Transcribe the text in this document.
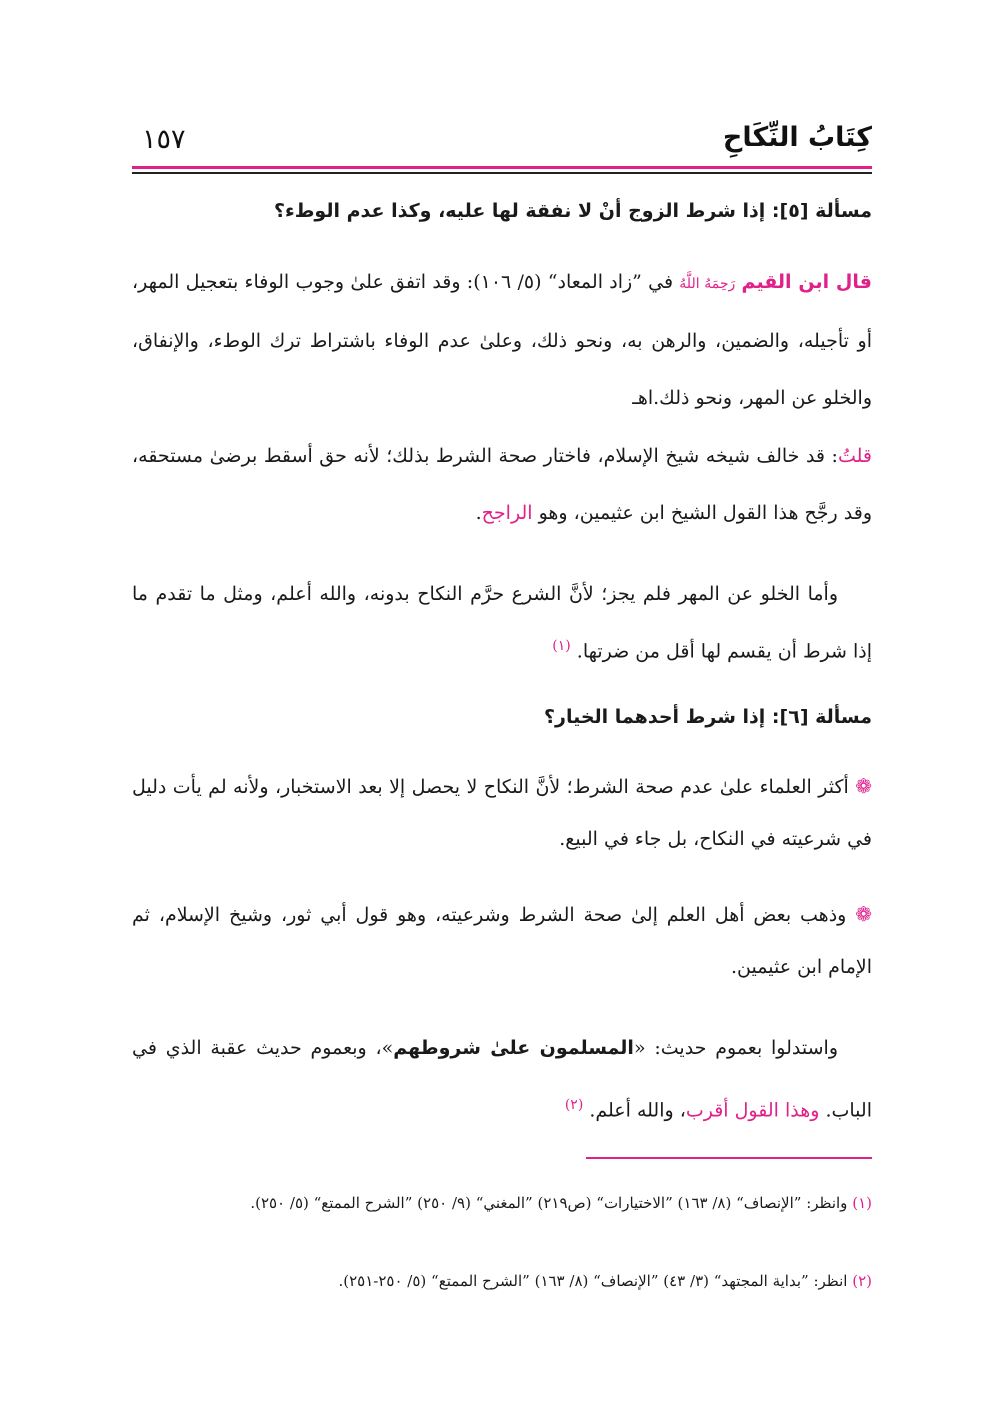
كِتَابُ النِّكَاحِ
١٥٧
مسألة [٥]: إذا شرط الزوج أنْ لا نفقة لها عليه، وكذا عدم الوطء؟
قال ابن القيم رَحِمَهُ اللَّهُ في ”زاد المعاد“ (٥/ ١٠٦): وقد اتفق علىٰ وجوب الوفاء بتعجيل المهر، أو تأجيله، والضمين، والرهن به، ونحو ذلك، وعلىٰ عدم الوفاء باشتراط ترك الوطء، والإنفاق، والخلو عن المهر، ونحو ذلك.اهـ
قلتُ: قد خالف شيخه شيخ الإسلام، فاختار صحة الشرط بذلك؛ لأنه حق أسقط برضىٰ مستحقه، وقد رجَّح هذا القول الشيخ ابن عثيمين، وهو الراجح.
وأما الخلو عن المهر فلم يجز؛ لأنَّ الشرع حرَّم النكاح بدونه، والله أعلم، ومثل ما تقدم ما إذا شرط أن يقسم لها أقل من ضرتها. $^{(١)}$
مسألة [٦]: إذا شرط أحدهما الخيار؟
❁ أكثر العلماء علىٰ عدم صحة الشرط؛ لأنَّ النكاح لا يحصل إلا بعد الاستخبار، ولأنه لم يأت دليل في شرعيته في النكاح، بل جاء في البيع.
❁ وذهب بعض أهل العلم إلىٰ صحة الشرط وشرعيته، وهو قول أبي ثور، وشيخ الإسلام، ثم الإمام ابن عثيمين.
واستدلوا بعموم حديث: «المسلمون علىٰ شروطهم»، وبعموم حديث عقبة الذي في الباب. وهذا القول أقرب، والله أعلم. $^{(٢)}$
(١) وانظر: ”الإنصاف“ (٨/ ١٦٣) ”الاختيارات“ (ص٢١٩) ”المغني“ (٩/ ٢٥٠) ”الشرح الممتع“ (٥/ ٢٥٠).
(٢) انظر: ”بداية المجتهد“ (٣/ ٤٣) ”الإنصاف“ (٨/ ١٦٣) ”الشرح الممتع“ (٥/ ٢٥٠-٢٥١).
